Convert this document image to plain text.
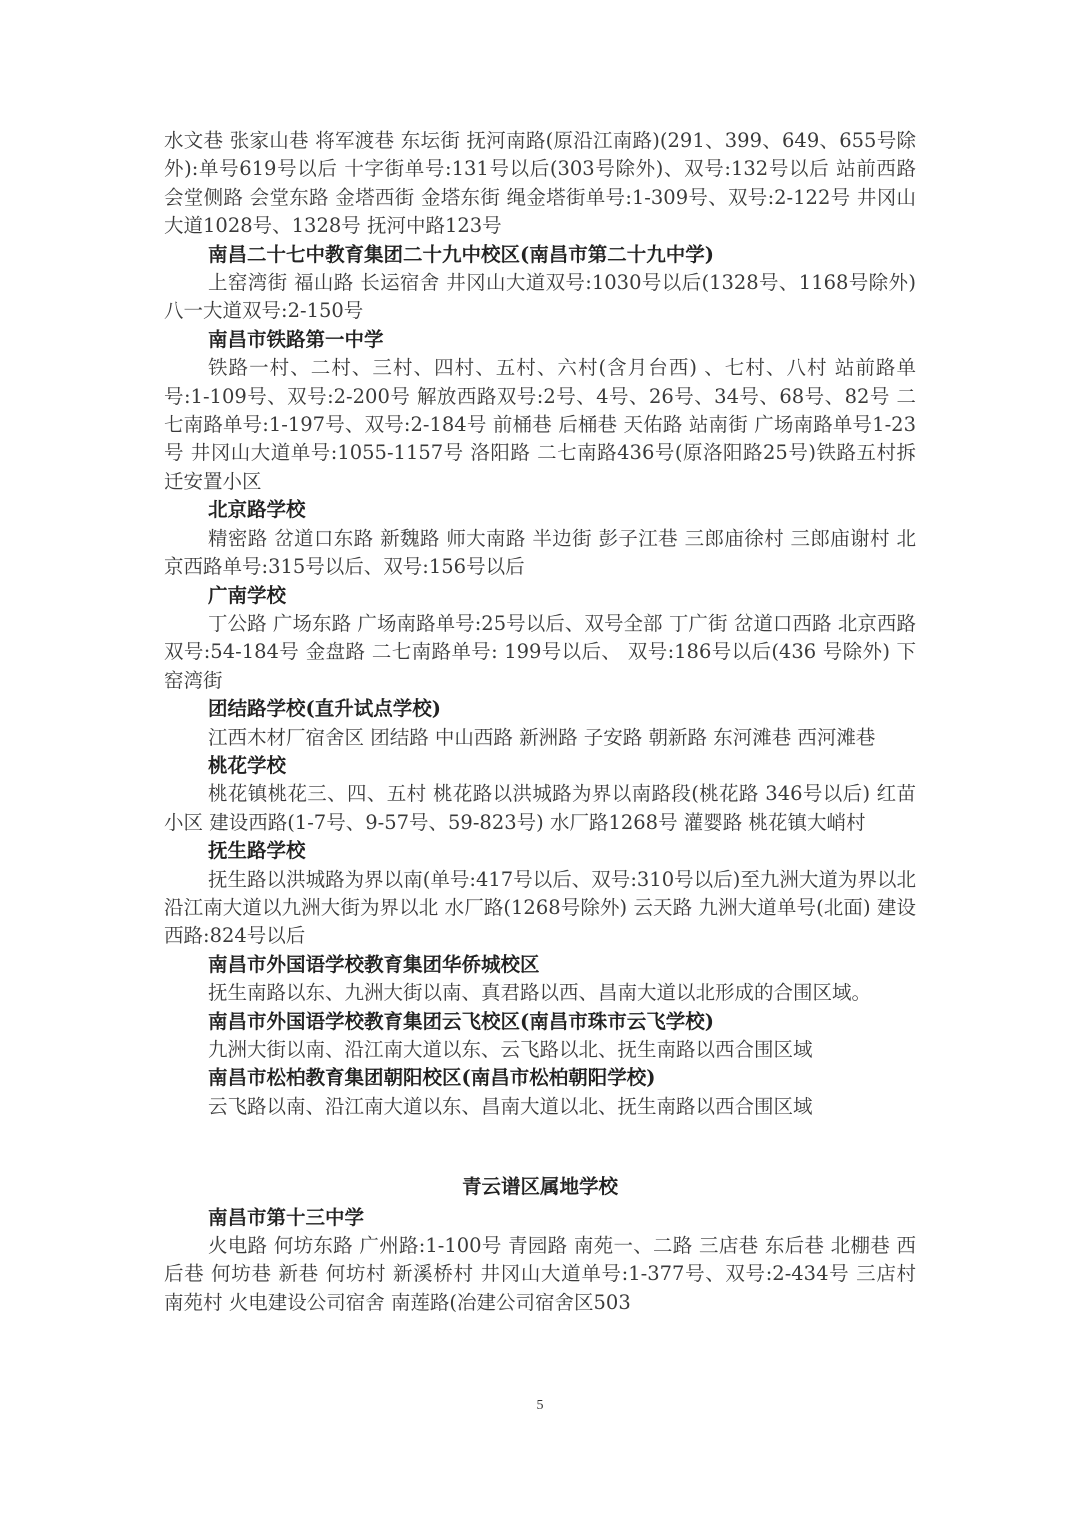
水文巷 张家山巷 将军渡巷 东坛街 抚河南路(原沿江南路)(291、399、649、655号除外):单号619号以后 十字街单号:131号以后(303号除外)、双号:132号以后 站前西路 会堂侧路 会堂东路 金塔西街 金塔东街 绳金塔街单号:1-309号、双号:2-122号 井冈山大道1028号、1328号 抚河中路123号

南昌二十七中教育集团二十九中校区(南昌市第二十九中学)

上窑湾街 福山路 长运宿舍 井冈山大道双号:1030号以后(1328号、1168号除外) 八一大道双号:2-150号

南昌市铁路第一中学

铁路一村、二村、三村、四村、五村、六村(含月台西) 、七村、八村 站前路单号:1-109号、双号:2-200号 解放西路双号:2号、4号、26号、34号、68号、82号 二七南路单号:1-197号、双号:2-184号 前桶巷 后桶巷 天佑路 站南街 广场南路单号1-23号 井冈山大道单号:1055-1157号 洛阳路 二七南路436号(原洛阳路25号)铁路五村拆迁安置小区

北京路学校

精密路 岔道口东路 新魏路 师大南路 半边街 彭子江巷 三郎庙徐村 三郎庙谢村 北京西路单号:315号以后、双号:156号以后

广南学校

丁公路 广场东路 广场南路单号:25号以后、双号全部 丁广街 岔道口西路 北京西路双号:54-184号 金盘路 二七南路单号: 199号以后、 双号:186号以后(436 号除外) 下窑湾街

团结路学校(直升试点学校)

江西木材厂宿舍区 团结路 中山西路 新洲路 子安路 朝新路 东河滩巷 西河滩巷

桃花学校

桃花镇桃花三、四、五村 桃花路以洪城路为界以南路段(桃花路 346号以后) 红苗小区 建设西路(1-7号、9-57号、59-823号) 水厂路1268号 灌婴路 桃花镇大峭村

抚生路学校

抚生路以洪城路为界以南(单号:417号以后、双号:310号以后)至九洲大道为界以北 沿江南大道以九洲大街为界以北 水厂路(1268号除外) 云天路 九洲大道单号(北面) 建设西路:824号以后

南昌市外国语学校教育集团华侨城校区

抚生南路以东、九洲大街以南、真君路以西、昌南大道以北形成的合围区域。

南昌市外国语学校教育集团云飞校区(南昌市珠市云飞学校)

九洲大街以南、沿江南大道以东、云飞路以北、抚生南路以西合围区域

南昌市松柏教育集团朝阳校区(南昌市松柏朝阳学校)

云飞路以南、沿江南大道以东、昌南大道以北、抚生南路以西合围区域

青云谱区属地学校

南昌市第十三中学

火电路 何坊东路 广州路:1-100号 青园路 南苑一、二路 三店巷 东后巷 北棚巷 西后巷 何坊巷 新巷 何坊村 新溪桥村 井冈山大道单号:1-377号、双号:2-434号 三店村 南苑村 火电建设公司宿舍 南莲路(冶建公司宿舍区503

5
